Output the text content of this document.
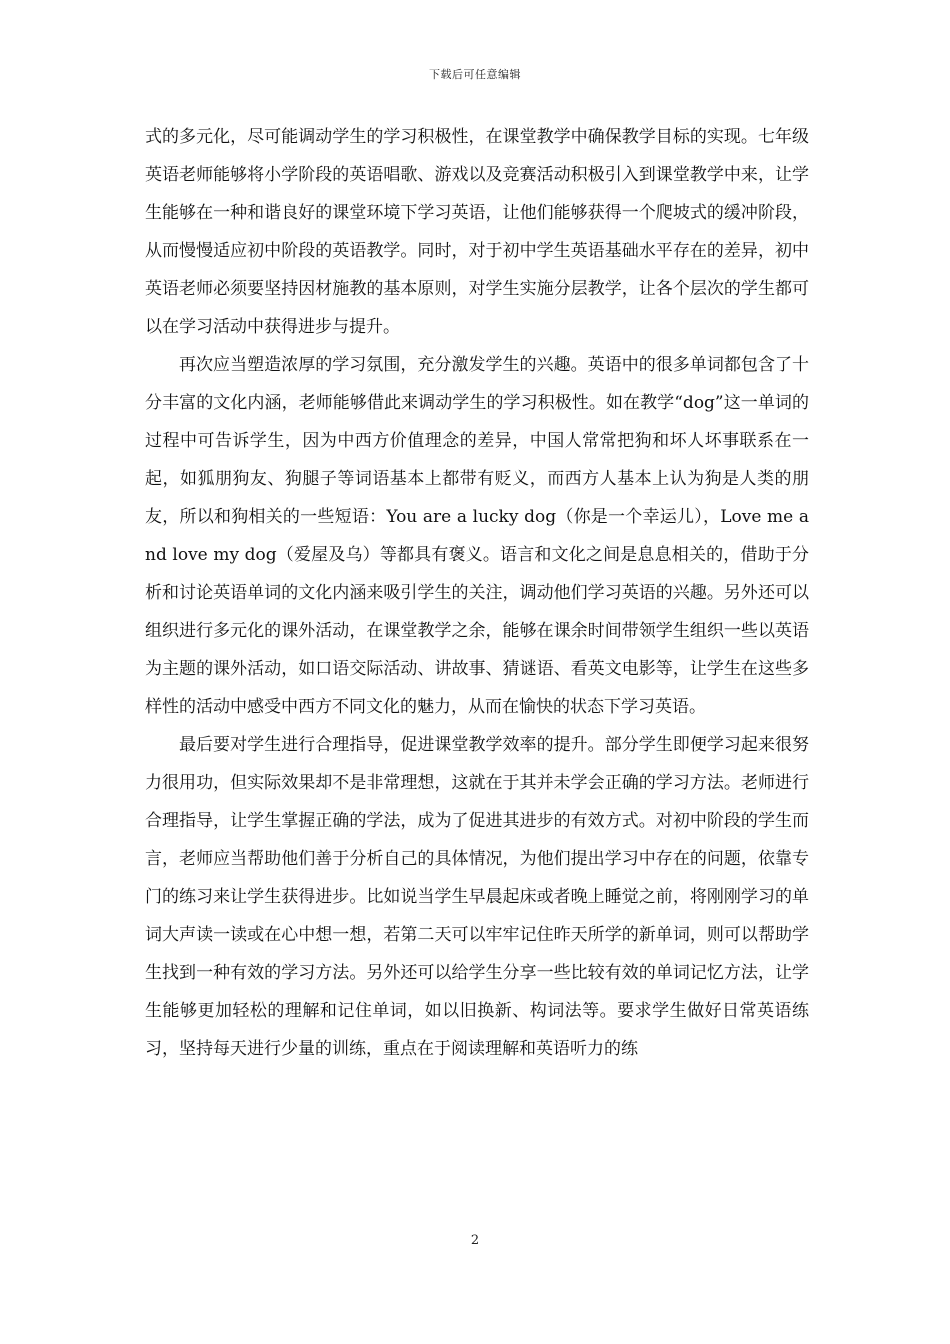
下载后可任意编辑

式的多元化，尽可能调动学生的学习积极性，在课堂教学中确保教学目标的实现。七年级英语老师能够将小学阶段的英语唱歌、游戏以及竞赛活动积极引入到课堂教学中来，让学生能够在一种和谐良好的课堂环境下学习英语，让他们能够获得一个爬坡式的缓冲阶段，从而慢慢适应初中阶段的英语教学。同时，对于初中学生英语基础水平存在的差异，初中英语老师必须要坚持因材施教的基本原则，对学生实施分层教学，让各个层次的学生都可以在学习活动中获得进步与提升。

再次应当塑造浓厚的学习氛围，充分激发学生的兴趣。英语中的很多单词都包含了十分丰富的文化内涵，老师能够借此来调动学生的学习积极性。如在教学“dog”这一单词的过程中可告诉学生，因为中西方价值理念的差异，中国人常常把狗和坏人坏事联系在一起，如狐朋狗友、狗腿子等词语基本上都带有贬义，而西方人基本上认为狗是人类的朋友，所以和狗相关的一些短语：You are a lucky dog（你是一个幸运儿），Love me and love my dog（爱屋及乌）等都具有褒义。语言和文化之间是息息相关的，借助于分析和讨论英语单词的文化内涵来吸引学生的关注，调动他们学习英语的兴趣。另外还可以组织进行多元化的课外活动，在课堂教学之余，能够在课余时间带领学生组织一些以英语为主题的课外活动，如口语交际活动、讲故事、猜谜语、看英文电影等，让学生在这些多样性的活动中感受中西方不同文化的魅力，从而在愉快的状态下学习英语。

最后要对学生进行合理指导，促进课堂教学效率的提升。部分学生即便学习起来很努力很用功，但实际效果却不是非常理想，这就在于其并未学会正确的学习方法。老师进行合理指导，让学生掌握正确的学法，成为了促进其进步的有效方式。对初中阶段的学生而言，老师应当帮助他们善于分析自己的具体情况，为他们提出学习中存在的问题，依靠专门的练习来让学生获得进步。比如说当学生早晨起床或者晚上睡觉之前，将刚刚学习的单词大声读一读或在心中想一想，若第二天可以牢牢记住昨天所学的新单词，则可以帮助学生找到一种有效的学习方法。另外还可以给学生分享一些比较有效的单词记忆方法，让学生能够更加轻松的理解和记住单词，如以旧换新、构词法等。要求学生做好日常英语练习，坚持每天进行少量的训练，重点在于阅读理解和英语听力的练

2
